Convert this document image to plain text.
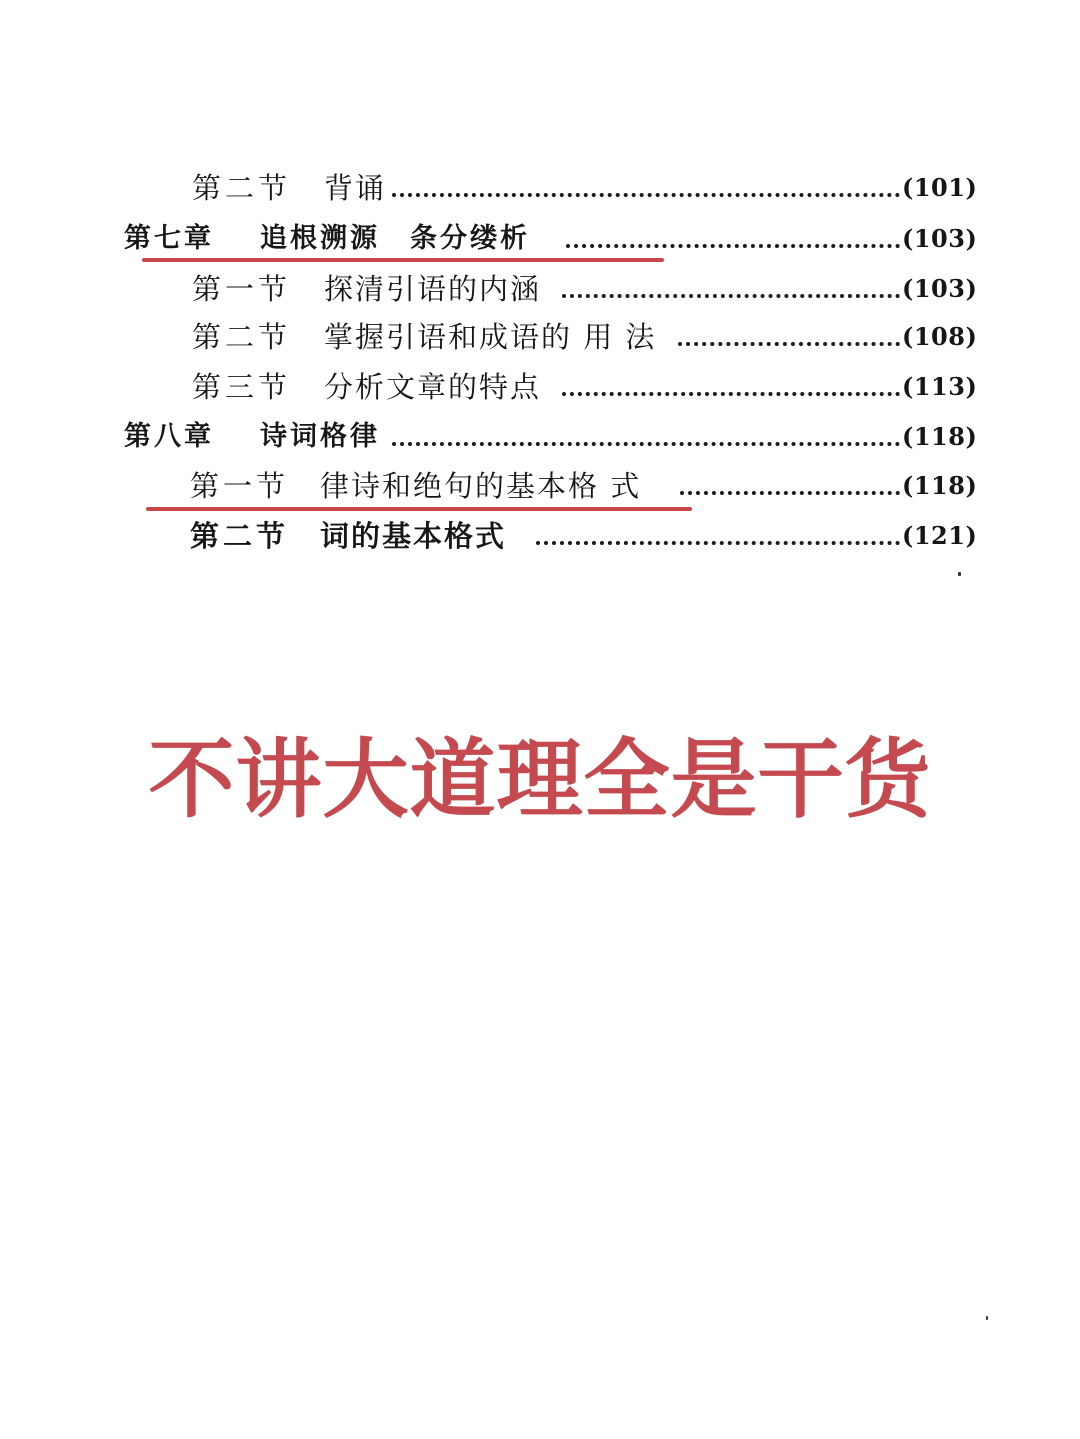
第二节 背诵	(101)
第七章 追根溯源　条分缕析	(103)
第一节 探清引语的内涵	(103)
第二节 掌握引语和成语的 用 法	(108)
第三节 分析文章的特点	(113)
第八章 诗词格律	(118)
第一节 律诗和绝句的基本格 式	(118)
第二节 词的基本格式	(121)
不讲大道理全是干货
